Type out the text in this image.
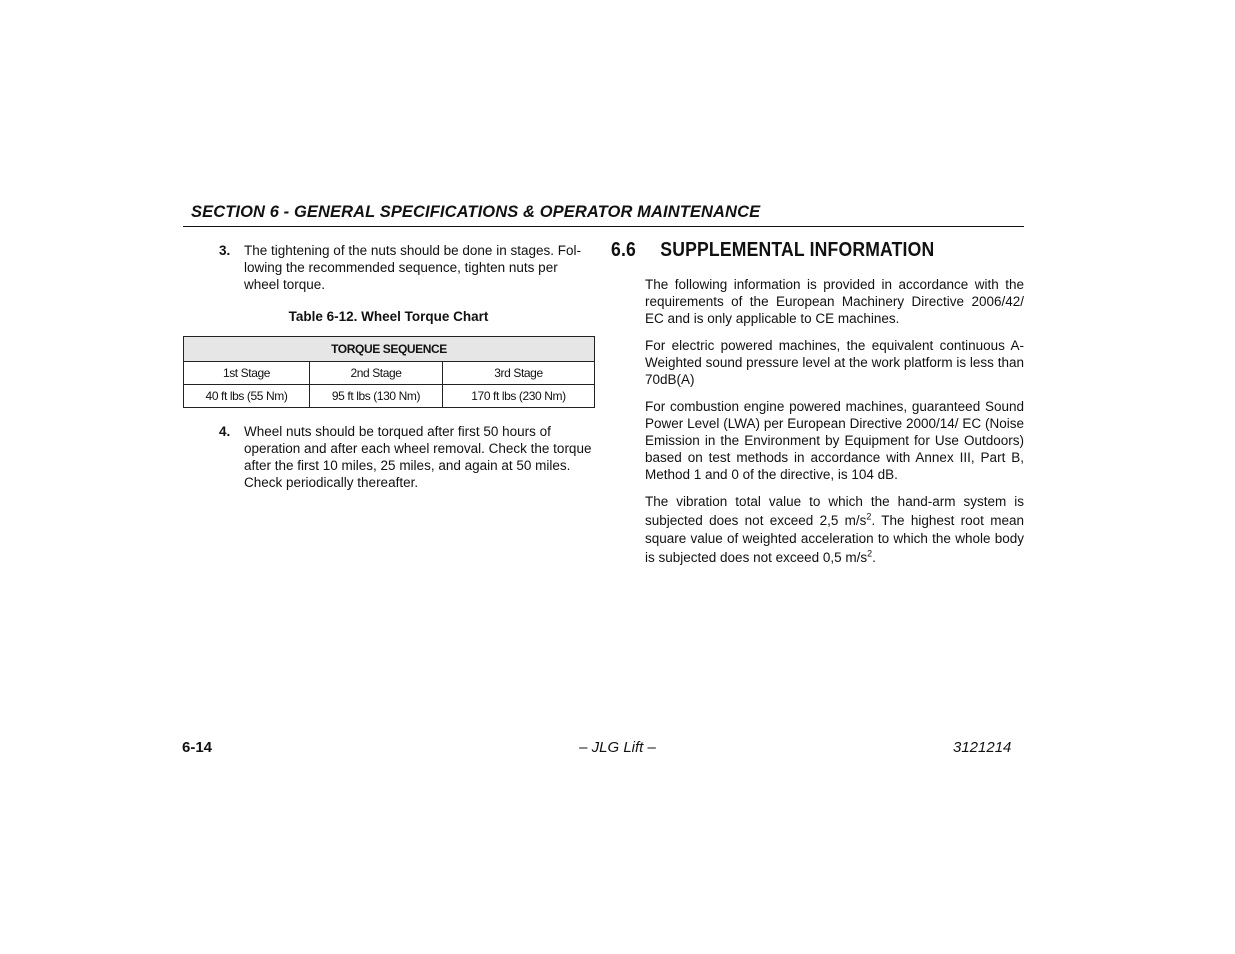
SECTION 6 - GENERAL SPECIFICATIONS & OPERATOR MAINTENANCE
3. The tightening of the nuts should be done in stages. Fol-lowing the recommended sequence, tighten nuts per wheel torque.
Table 6-12. Wheel Torque Chart
TORQUE SEQUENCE		
1st Stage	2nd Stage	3rd Stage
40 ft lbs (55 Nm)	95 ft lbs (130 Nm)	170 ft lbs (230 Nm)
4. Wheel nuts should be torqued after first 50 hours of operation and after each wheel removal. Check the torque after the first 10 miles, 25 miles, and again at 50 miles. Check periodically thereafter.
6.6 SUPPLEMENTAL INFORMATION
The following information is provided in accordance with the requirements of the European Machinery Directive 2006/42/ EC and is only applicable to CE machines.
For electric powered machines, the equivalent continuous A-Weighted sound pressure level at the work platform is less than 70dB(A)
For combustion engine powered machines, guaranteed Sound Power Level (LWA) per European Directive 2000/14/ EC (Noise Emission in the Environment by Equipment for Use Outdoors) based on test methods in accordance with Annex III, Part B, Method 1 and 0 of the directive, is 104 dB.
The vibration total value to which the hand-arm system is subjected does not exceed 2,5 $m/s^2$. The highest root mean square value of weighted acceleration to which the whole body is subjected does not exceed 0,5 $m/s^2$.
6-14	– JLG Lift –	3121214
